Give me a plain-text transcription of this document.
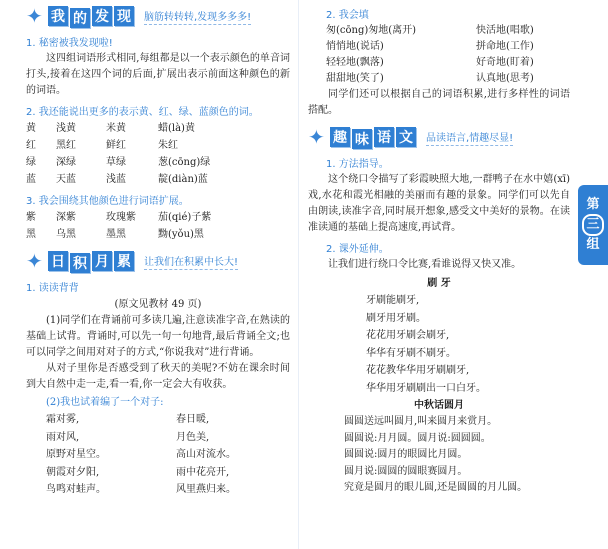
✦ 我 的 发 现	脑筋转转转,发现多多多!
1. 秘密被我发现啦!

这四组词语形式相同,每组都是以一个表示颜色的单音词打头,接着在这四个词的后面,扩展出表示前面这种颜色的新的词语。

2. 我还能说出更多的表示黄、红、绿、蓝颜色的词。
黄	浅黄	米黄	蜡(là)黄
红	黑红	鲜红	朱红
绿	深绿	草绿	葱(cōng)绿
蓝	天蓝	浅蓝	靛(diàn)蓝
3. 我会围绕其他颜色进行词语扩展。
紫	深紫	玫瑰紫	茄(qié)子紫
黑	乌黑	墨黑	黝(yǒu)黑
✦ 日 积 月 累	让我们在积累中长大!
1. 读读背背
(原文见教材 49 页)

(1)同学们在背诵前可多读几遍,注意读准字音,在熟读的基础上试背。背诵时,可以先一句一句地背,最后背诵全文;也可以同学之间用对对子的方式,“你说我对”进行背诵。

从对子里你是否感受到了秋天的美呢?不妨在课余时间到大自然中走一走,看一看,你一定会大有收获。

(2)我也试着编了一个对子:

霜对雾,	春日暖,
雨对风,	月色美,
原野对星空。	高山对流水。
朝霞对夕阳,	雨中花亮开,
鸟鸣对蛙声。	风里燕归来。
2. 我会填
匆(cōng)匆地(离开)	快活地(唱歌)
悄悄地(说话)	拼命地(工作)
轻轻地(飘落)	好奇地(盯着)
甜甜地(笑了)	认真地(思考)

同学们还可以根据自己的词语积累,进行多样性的词语搭配。

✦ 趣 味 语 文	品读语言,情趣尽显!
1. 方法指导。

这个绕口令描写了彩霞映照大地,一群鸭子在水中嬉(xī)戏,水花和霞光相融的美丽而有趣的景象。同学们可以先自由朗读,读准字音,同时展开想象,感受文中美好的景物。在读准读通的基础上提高速度,再试背。

2. 课外延伸。

让我们进行绕口令比赛,看谁说得又快又准。

刷 牙
牙刷能刷牙,
刷牙用牙刷。
花花用牙刷会刷牙,
华华有牙刷不刷牙。
花花教华华用牙刷刷牙,
华华用牙刷刷出一口白牙。
中秋话圆月
圆圆送远叫圆月,叫来圆月来赏月。
圆圆说:月月圆。圆月说:圆圆圆。
圆圆说:圆月的眼圆比月圆。
圆月说:圆圆的圆眼赛圆月。
究竟是圆月的眼儿圆,还是圆圆的月儿圆。
第
三
组
